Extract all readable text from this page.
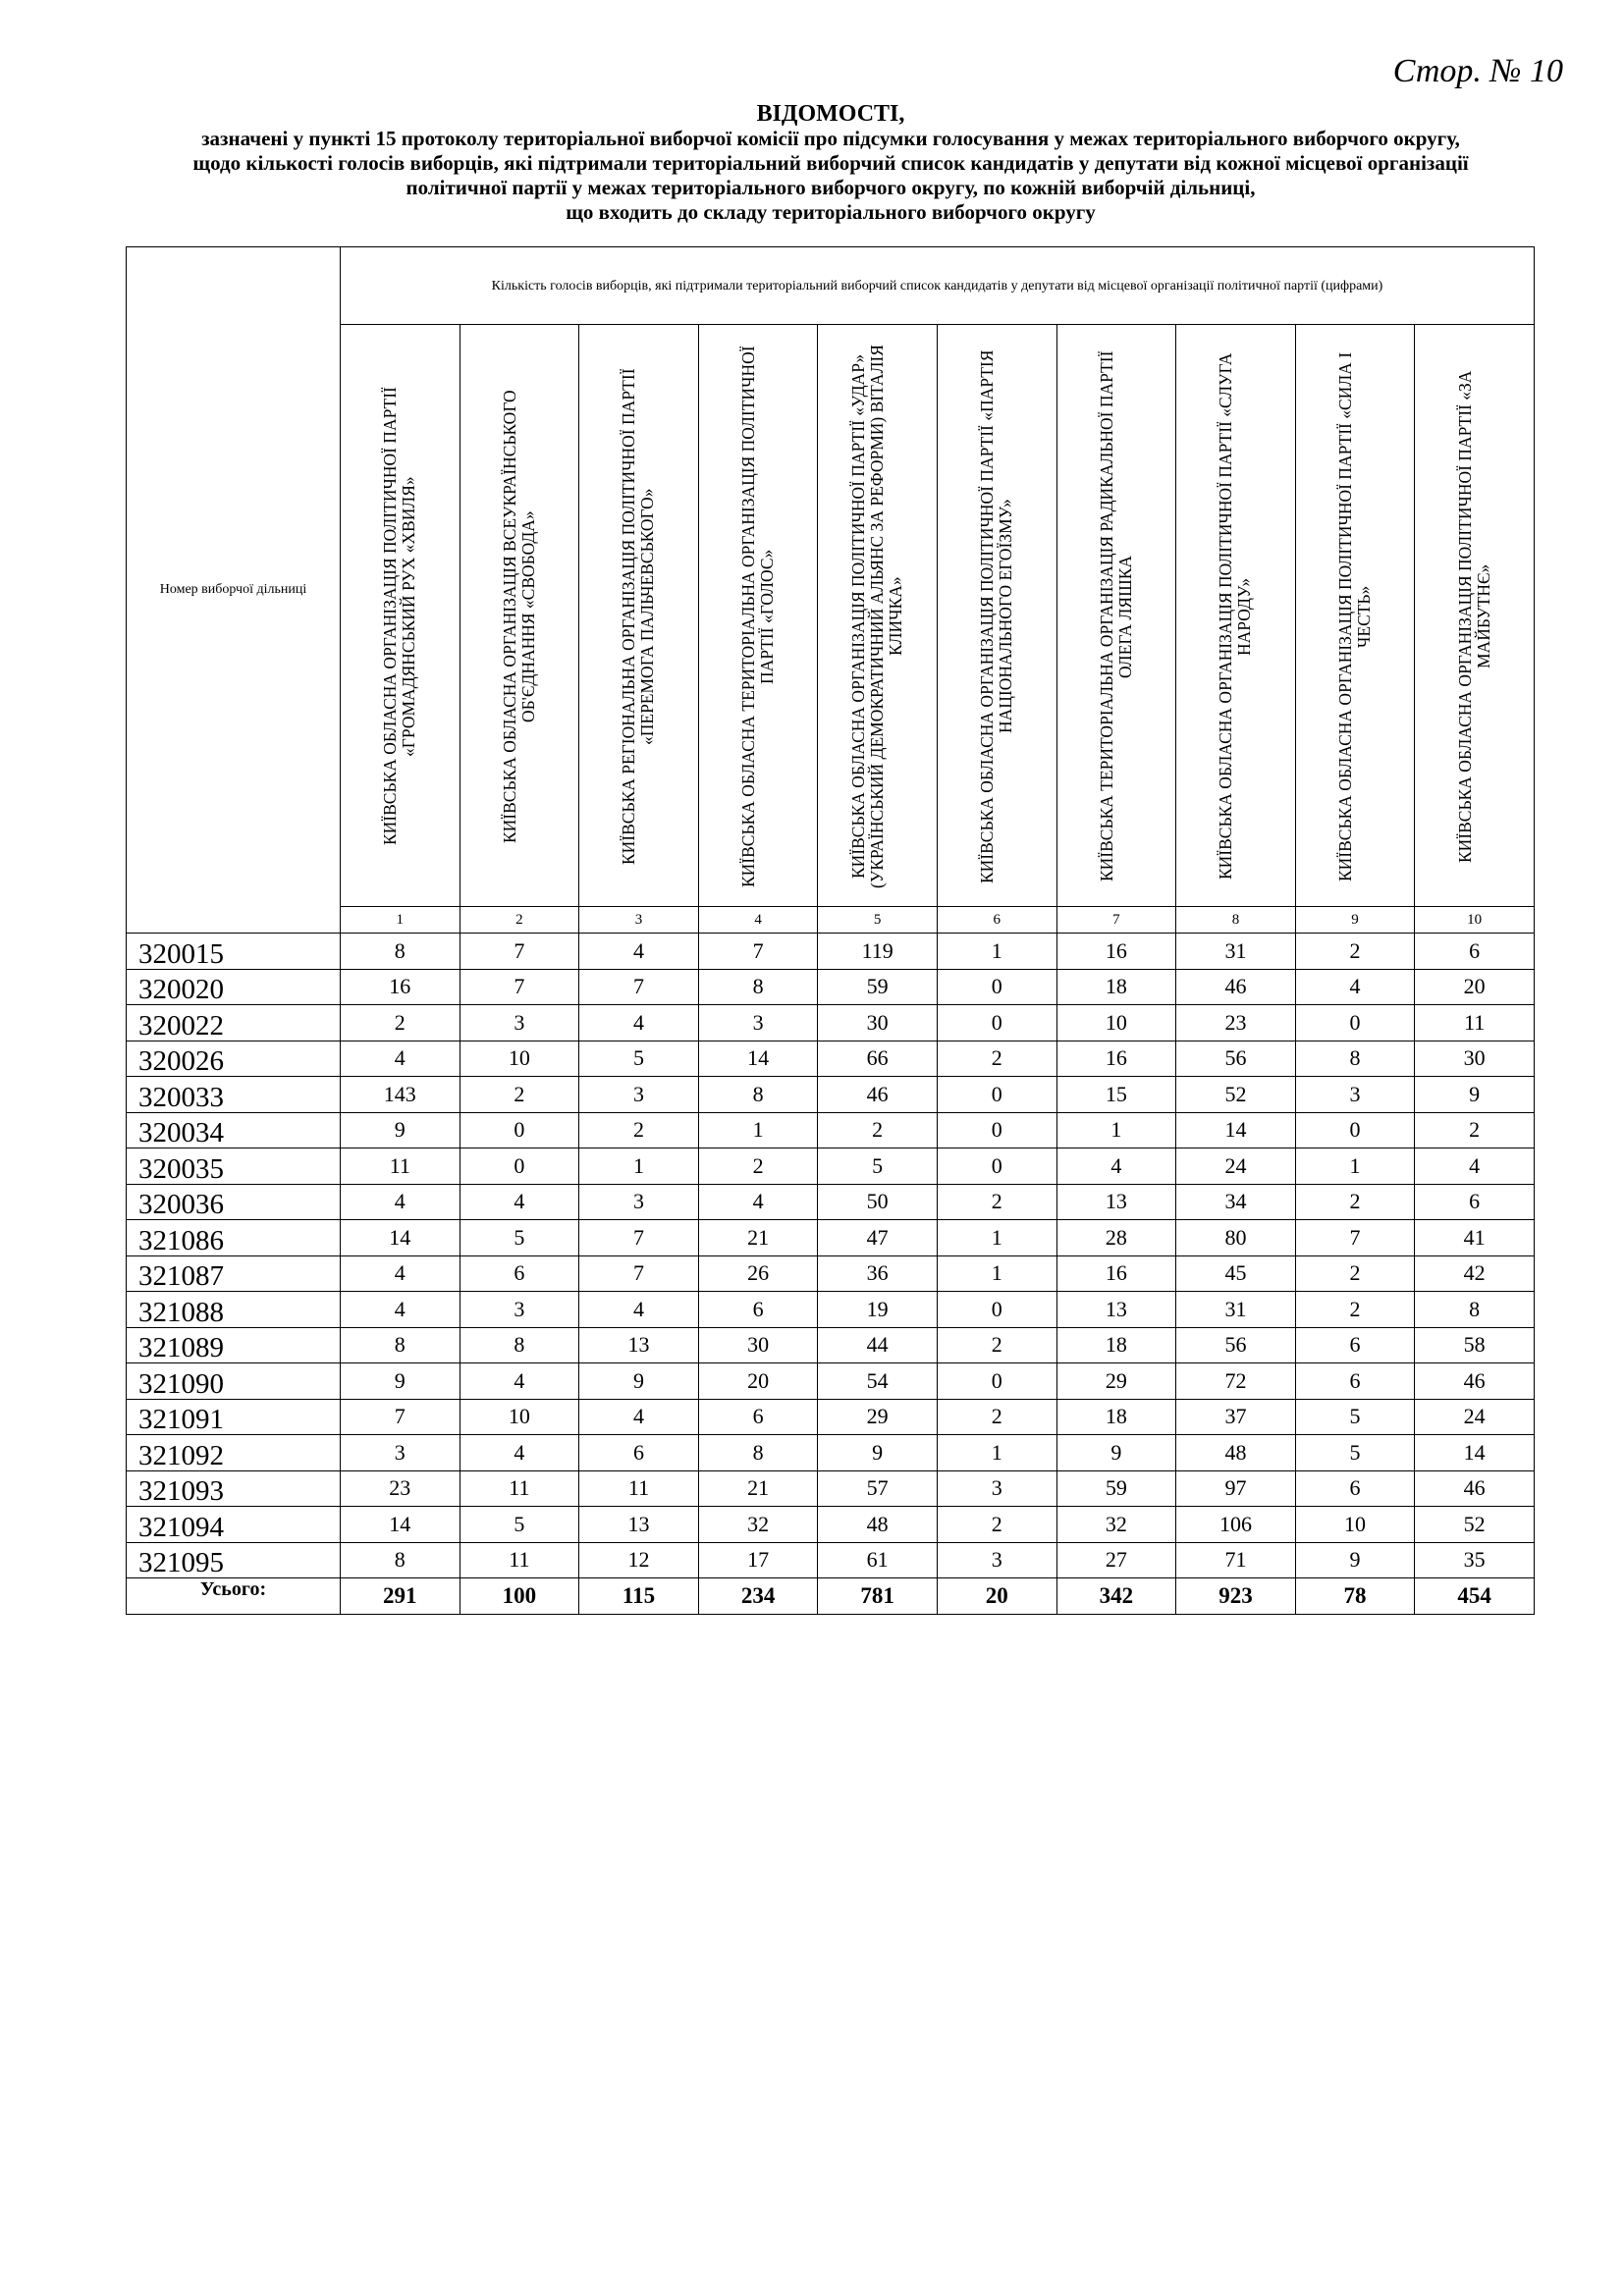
Стор. № 10
ВІДОМОСТІ,
зазначені у пункті 15 протоколу територіальної виборчої комісії про підсумки голосування у межах територіального виборчого округу,
щодо кількості голосів виборців, які підтримали територіальний виборчий список кандидатів у депутати від кожної місцевої організації
політичної партії у межах територіального виборчого округу, по кожній виборчій дільниці,
що входить до складу територіального виборчого округу
Номер виборчої дільниці	Кількість голосів виборців, які підтримали територіальний виборчий список кандидатів у депутати від місцевої організації політичної партії (цифрами)									

	КИЇВСЬКА ОБЛАСНА ОРГАНІЗАЦІЯ ПОЛІТИЧНОЇ ПАРТІЇ «ГРОМАДЯНСЬКИЙ РУХ «ХВИЛЯ»	КИЇВСЬКА ОБЛАСНА ОРГАНІЗАЦІЯ ВСЕУКРАЇНСЬКОГО ОБ'ЄДНАННЯ «СВОБОДА»	КИЇВСЬКА РЕГІОНАЛЬНА ОРГАНІЗАЦІЯ ПОЛІТИЧНОЇ ПАРТІЇ «ПЕРЕМОГА ПАЛЬЧЕВСЬКОГО»	КИЇВСЬКА ОБЛАСНА ТЕРИТОРІАЛЬНА ОРГАНІЗАЦІЯ ПОЛІТИЧНОЇ ПАРТІЇ «ГОЛОС»	КИЇВСЬКА ОБЛАСНА ОРГАНІЗАЦІЯ ПОЛІТИЧНОЇ ПАРТІЇ «УДАР» (УКРАЇНСЬКИЙ ДЕМОКРАТИЧНИЙ АЛЬЯНС ЗА РЕФОРМИ) ВІТАЛІЯ КЛИЧКА»	КИЇВСЬКА ОБЛАСНА ОРГАНІЗАЦІЯ ПОЛІТИЧНОЇ ПАРТІЇ «ПАРТІЯ НАЦІОНАЛЬНОГО ЕГОЇЗМУ»	КИЇВСЬКА ТЕРИТОРІАЛЬНА ОРГАНІЗАЦІЯ РАДИКАЛЬНОЇ ПАРТІЇ ОЛЕГА ЛЯШКА	КИЇВСЬКА ОБЛАСНА ОРГАНІЗАЦІЯ ПОЛІТИЧНОЇ ПАРТІЇ «СЛУГА НАРОДУ»	КИЇВСЬКА ОБЛАСНА ОРГАНІЗАЦІЯ ПОЛІТИЧНОЇ ПАРТІЇ «СИЛА І ЧЕСТЬ»	КИЇВСЬКА ОБЛАСНА ОРГАНІЗАЦІЯ ПОЛІТИЧНОЇ ПАРТІЇ «ЗА МАЙБУТНЄ»

	1	2	3	4	5	6	7	8	9	10
320015	8	7	4	7	119	1	16	31	2	6
320020	16	7	7	8	59	0	18	46	4	20
320022	2	3	4	3	30	0	10	23	0	11
320026	4	10	5	14	66	2	16	56	8	30
320033	143	2	3	8	46	0	15	52	3	9
320034	9	0	2	1	2	0	1	14	0	2
320035	11	0	1	2	5	0	4	24	1	4
320036	4	4	3	4	50	2	13	34	2	6
321086	14	5	7	21	47	1	28	80	7	41
321087	4	6	7	26	36	1	16	45	2	42
321088	4	3	4	6	19	0	13	31	2	8
321089	8	8	13	30	44	2	18	56	6	58
321090	9	4	9	20	54	0	29	72	6	46
321091	7	10	4	6	29	2	18	37	5	24
321092	3	4	6	8	9	1	9	48	5	14
321093	23	11	11	21	57	3	59	97	6	46
321094	14	5	13	32	48	2	32	106	10	52
321095	8	11	12	17	61	3	27	71	9	35
Усього:	291	100	115	234	781	20	342	923	78	454
